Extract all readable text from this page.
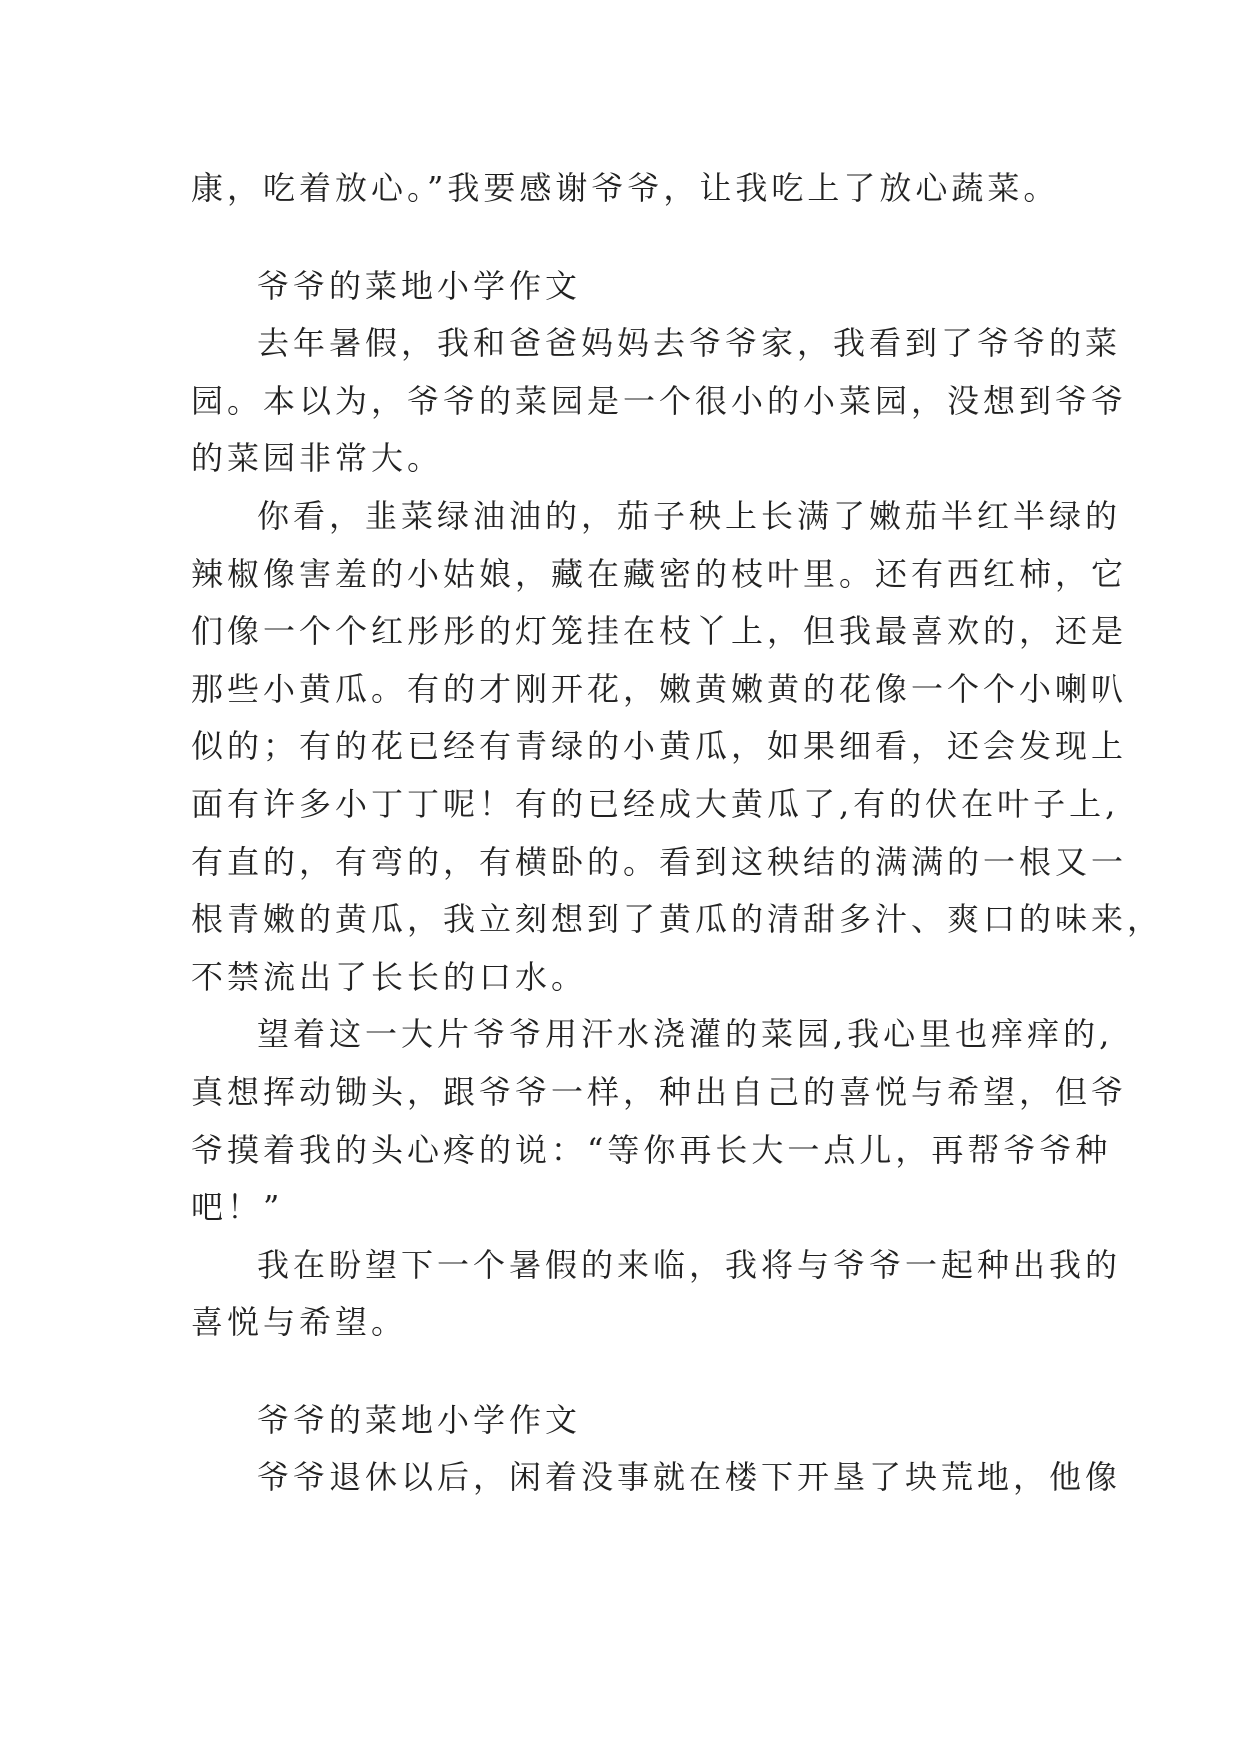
康，吃着放心。”我要感谢爷爷，让我吃上了放心蔬菜。
爷爷的菜地小学作文
去年暑假，我和爸爸妈妈去爷爷家，我看到了爷爷的菜
园。本以为，爷爷的菜园是一个很小的小菜园，没想到爷爷
的菜园非常大。
你看，韭菜绿油油的，茄子秧上长满了嫩茄半红半绿的
辣椒像害羞的小姑娘，藏在藏密的枝叶里。还有西红柿，它
们像一个个红彤彤的灯笼挂在枝丫上，但我最喜欢的，还是
那些小黄瓜。有的才刚开花，嫩黄嫩黄的花像一个个小喇叭
似的；有的花已经有青绿的小黄瓜，如果细看，还会发现上
面有许多小丁丁呢！有的已经成大黄瓜了,有的伏在叶子上,
有直的，有弯的，有横卧的。看到这秧结的满满的一根又一
根青嫩的黄瓜，我立刻想到了黄瓜的清甜多汁、爽口的味来，
不禁流出了长长的口水。
望着这一大片爷爷用汗水浇灌的菜园,我心里也痒痒的,
真想挥动锄头，跟爷爷一样，种出自己的喜悦与希望，但爷
爷摸着我的头心疼的说：“等你再长大一点儿，再帮爷爷种
吧！”
我在盼望下一个暑假的来临，我将与爷爷一起种出我的
喜悦与希望。
爷爷的菜地小学作文
爷爷退休以后，闲着没事就在楼下开垦了块荒地，他像
